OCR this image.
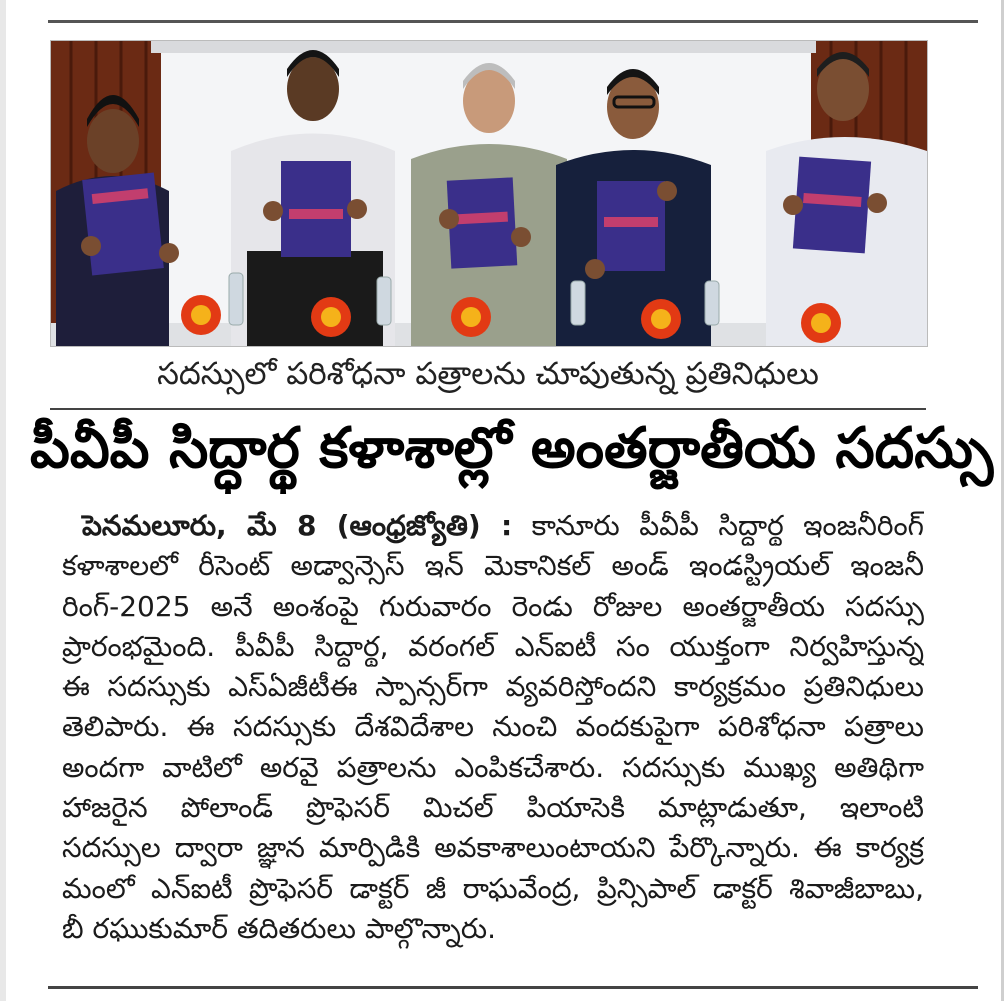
సదస్సులో పరిశోధనా పత్రాలను చూపుతున్న ప్రతినిధులు
పీవీపీ సిద్ధార్థ కళాశాల్లో అంతర్జాతీయ సదస్సు
పెనమలూరు, మే 8 (ఆంధ్రజ్యోతి) : కానూరు పీవీపీ సిద్ధార్థ ఇంజనీరింగ్
కళాశాలలో రీసెంట్ అడ్వాన్సెస్ ఇన్ మెకానికల్ అండ్ ఇండస్ట్రియల్ ఇంజనీ
రింగ్-2025 అనే అంశంపై గురువారం రెండు రోజుల అంతర్జాతీయ సదస్సు
ప్రారంభమైంది. పీవీపీ సిద్ధార్థ, వరంగల్ ఎన్ఐటీ సం యుక్తంగా నిర్వహిస్తున్న
ఈ సదస్సుకు ఎస్ఏజీటీఈ స్పాన్సర్‌గా వ్యవరిస్తోందని కార్యక్రమం ప్రతినిధులు
తెలిపారు. ఈ సదస్సుకు దేశవిదేశాల నుంచి వందకుపైగా పరిశోధనా పత్రాలు
అందగా వాటిలో అరవై పత్రాలను ఎంపికచేశారు. సదస్సుకు ముఖ్య అతిథిగా
హాజరైన పోలాండ్ ప్రొఫెసర్ మిచల్ పియాసెకి మాట్లాడుతూ, ఇలాంటి
సదస్సుల ద్వారా జ్ఞాన మార్పిడికి అవకాశాలుంటాయని పేర్కొన్నారు. ఈ కార్యక్ర
మంలో ఎన్ఐటీ ప్రొఫెసర్ డాక్టర్ జీ రాఘవేంద్ర, ప్రిన్సిపాల్ డాక్టర్ శివాజీబాబు,
బీ రఘుకుమార్ తదితరులు పాల్గొన్నారు.
